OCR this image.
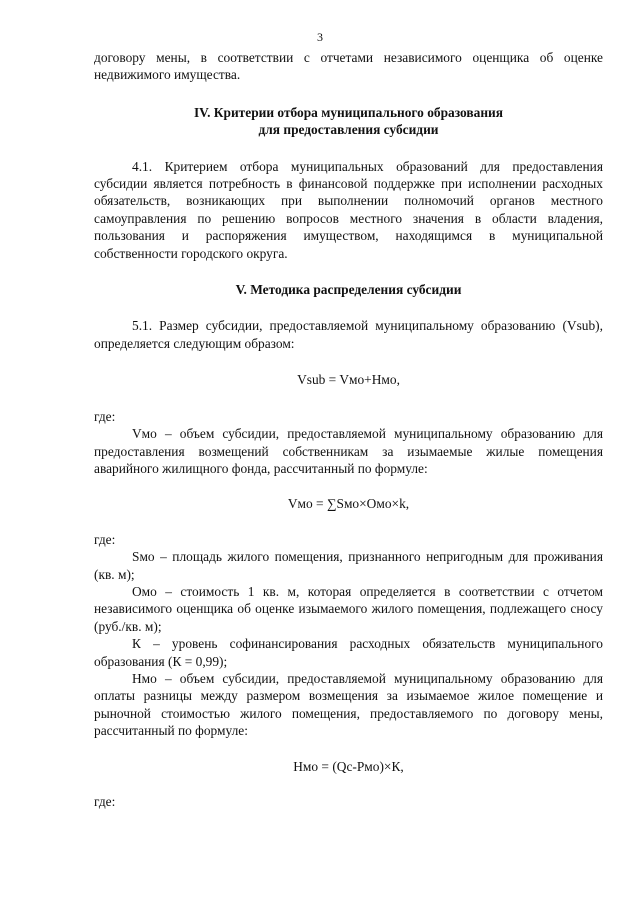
3

договору мены, в соответствии с отчетами независимого оценщика об оценке недвижимого имущества.

IV. Критерии отбора муниципального образования
для предоставления субсидии

4.1. Критерием отбора муниципальных образований для предоставления субсидии является потребность в финансовой поддержке при исполнении расходных обязательств, возникающих при выполнении полномочий органов местного самоуправления по решению вопросов местного значения в области владения, пользования и распоряжения имуществом, находящимся в муниципальной собственности городского округа.

V. Методика распределения субсидии

5.1. Размер субсидии, предоставляемой муниципальному образованию (Vsub), определяется следующим образом:

Vsub = Vмо+Hмо,

где:

Vмо – объем субсидии, предоставляемой муниципальному образованию для предоставления возмещений собственникам за изымаемые жилые помещения аварийного жилищного фонда, рассчитанный по формуле:

Vмо = ∑Sмо×Омо×k,

где:

Sмо – площадь жилого помещения, признанного непригодным для проживания (кв. м);

Омо – стоимость 1 кв. м, которая определяется в соответствии с отчетом независимого оценщика об оценке изымаемого жилого помещения, подлежащего сносу (руб./кв. м);

К – уровень софинансирования расходных обязательств муниципального образования (К = 0,99);

Нмо – объем субсидии, предоставляемой муниципальному образованию для оплаты разницы между размером возмещения за изымаемое жилое помещение и рыночной стоимостью жилого помещения, предоставляемого по договору мены, рассчитанный по формуле:

Нмо = (Qс-Pмо)×К,

где:
